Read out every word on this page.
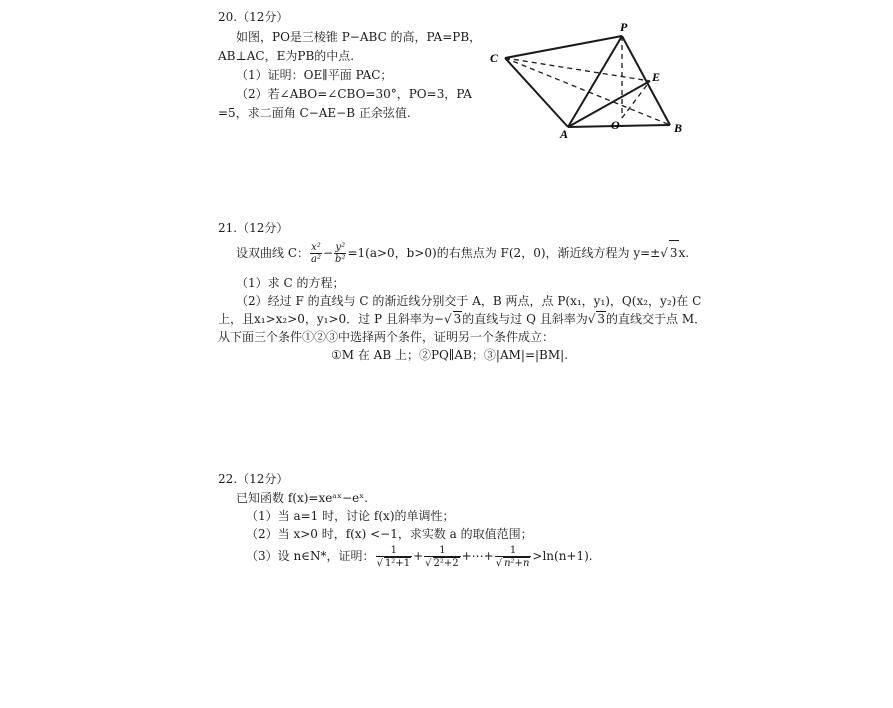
20.（12分）
如图，PO是三棱锥 P−ABC 的高，PA=PB，
AB⊥AC，E为PB的中点.
（1）证明：OE∥平面 PAC；
（2）若∠ABO=∠CBO=30°，PO=3，PA
=5，求二面角 C−AE−B 正余弦值.
P
C
E
O
A	B
21.（12分）
设双曲线 C： $\frac{\text{x²}}{\text{a²}} - \frac{\text{y²}}{\text{b²}} =1(a>0$，b>0)的右焦点为 F(2，0)，渐近线方程为 y=±√ 3x.
（1）求 C 的方程；
（2）经过 F 的直线与 C 的渐近线分别交于 A，B 两点，点 P(x₁，y₁)，Q(x₂，y₂)在 C
上，且x₁>x₂>0，y₁>0．过 P 且斜率为−√ 3的直线与过 Q 且斜率为√ 3的直线交于点 M．
从下面三个条件①②③中选择两个条件，证明另一个条件成立：
①M 在 AB 上；②PQ∥AB；③|AM|=|BM|.
22.（12分）
已知函数 f(x)=xeᵃˣ−eˣ.
（1）当 a=1 时，讨论 f(x)的单调性；
（2）当 x>0 时，f(x) <−1，求实数 a 的取值范围；
（3）设 n∈N*，证明： $\frac{1}{\text{√ 1²+1}} + \frac{1}{\text{√ 2²+2}}$ +⋯+ $\frac{1}{\text{√ n²+n}} >\ln(n+1)$.
